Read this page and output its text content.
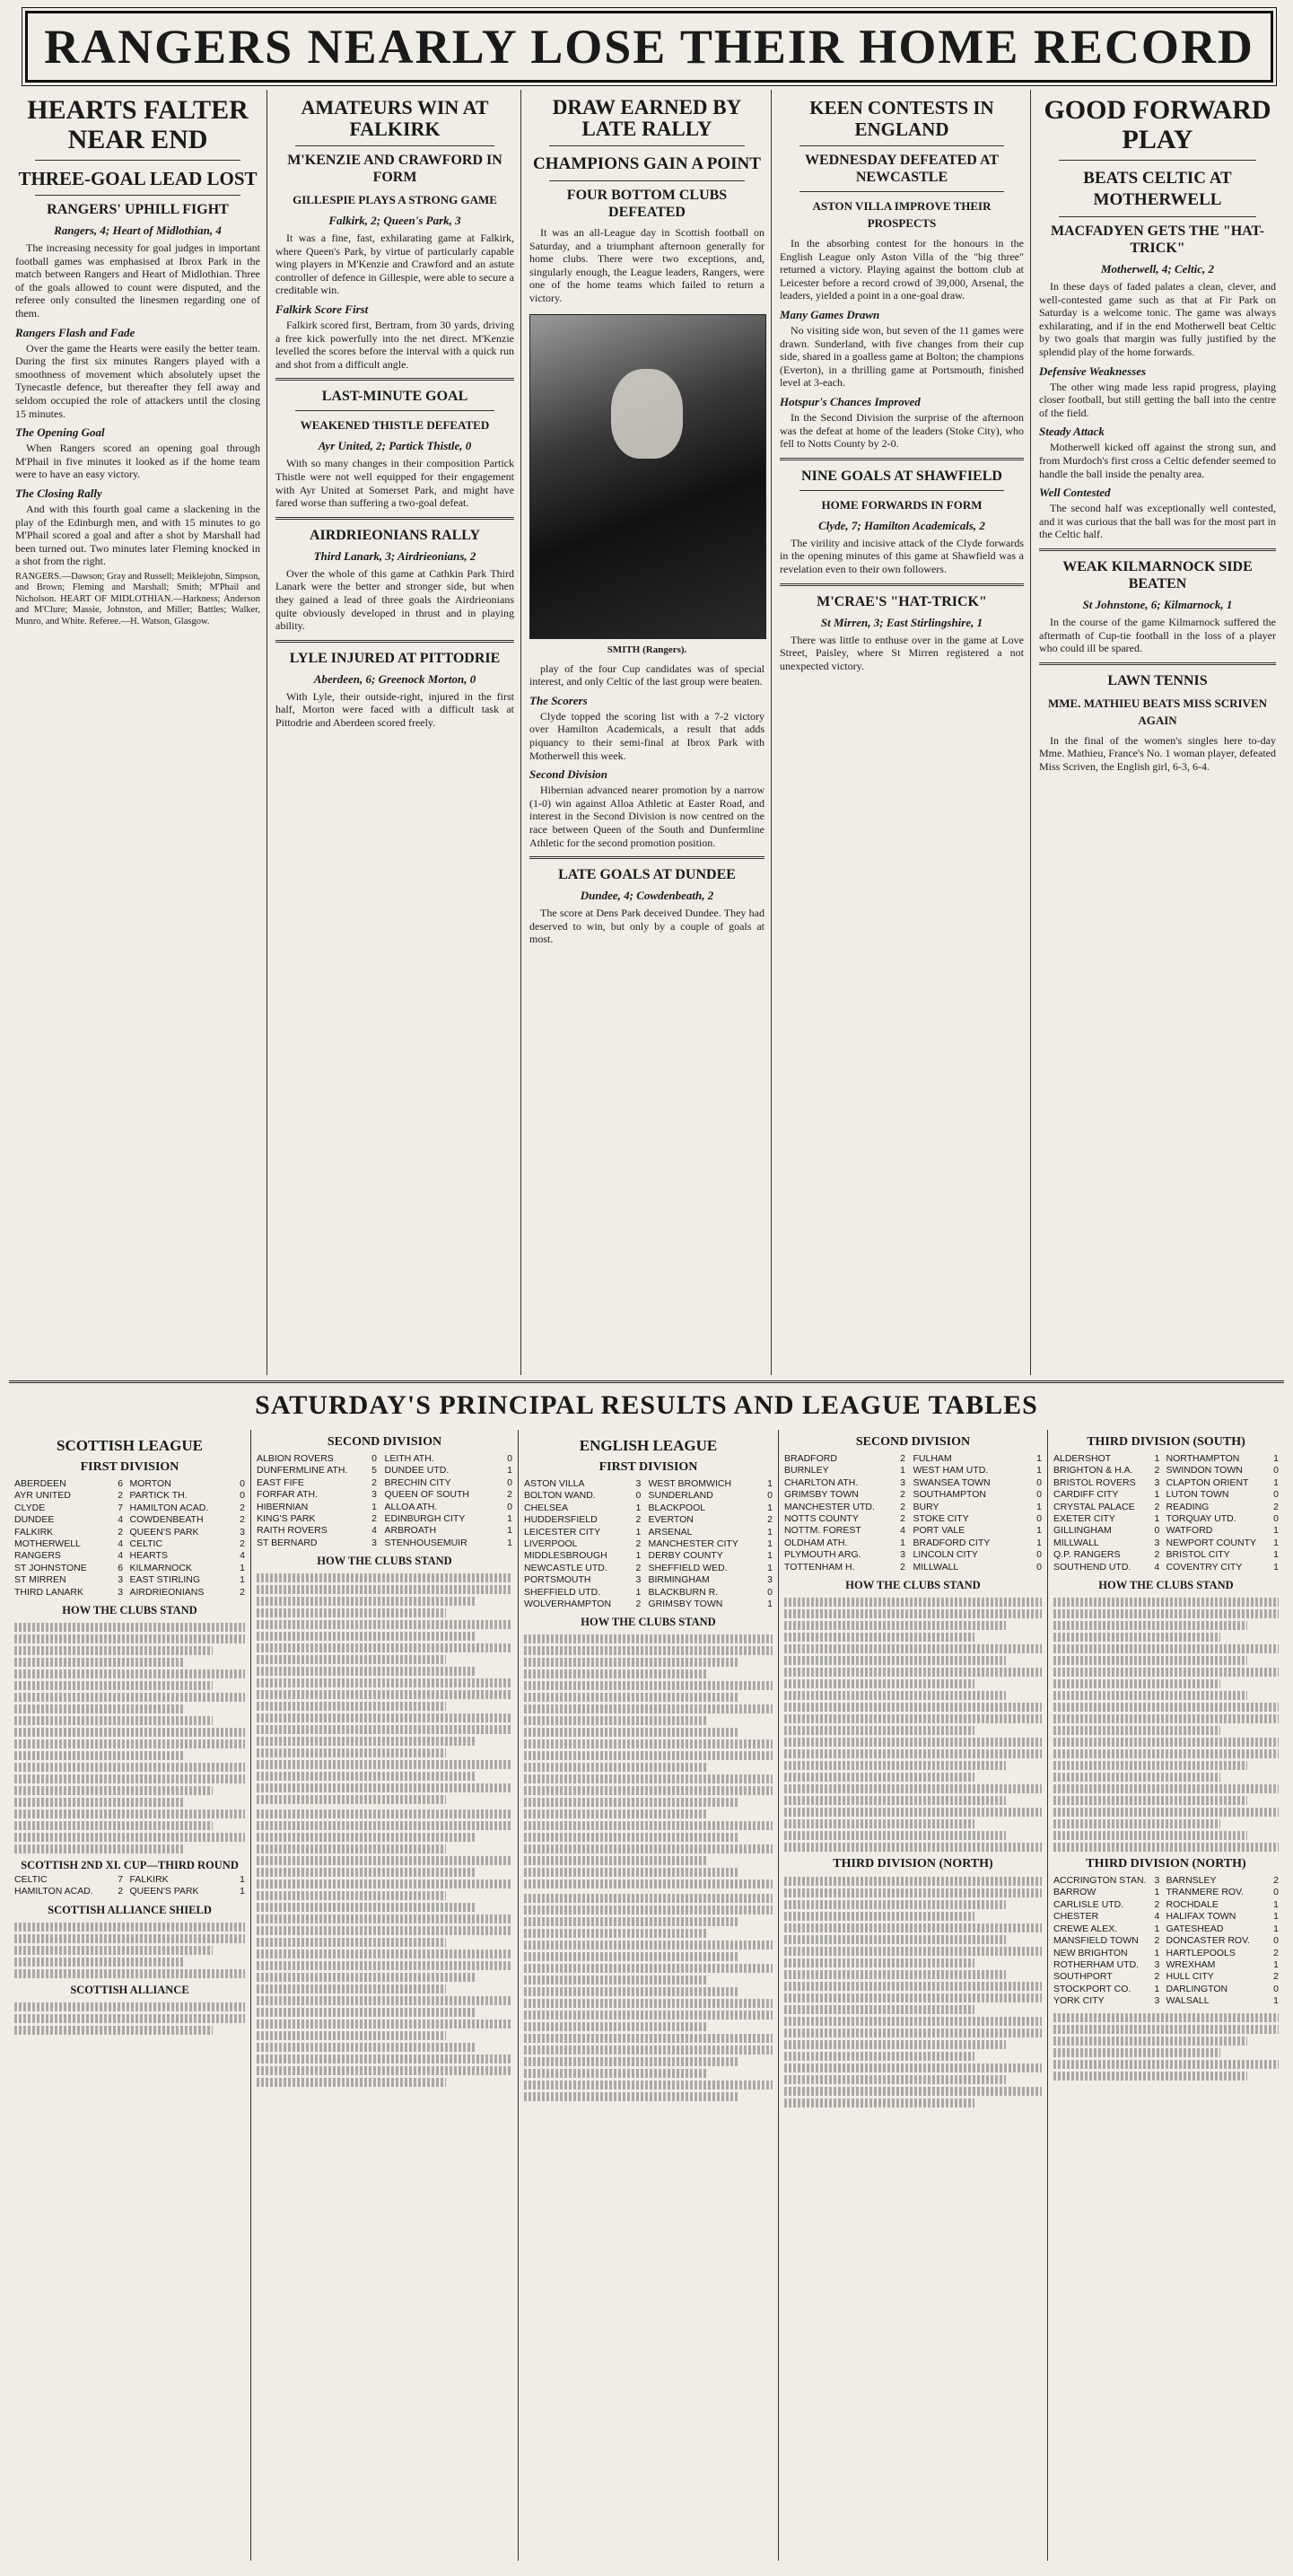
RANGERS NEARLY LOSE THEIR HOME RECORD
HEARTS FALTER NEAR END
THREE-GOAL LEAD LOST
RANGERS' UPHILL FIGHT
Rangers, 4; Heart of Midlothian, 4

The increasing necessity for goal judges in important football games was emphasised at Ibrox Park in the match between Rangers and Heart of Midlothian. Three of the goals allowed to count were disputed, and the referee only consulted the linesmen regarding one of them.

Rangers Flash and Fade

Over the game the Hearts were easily the better team. During the first six minutes Rangers played with a smoothness of movement which absolutely upset the Tynecastle defence, but thereafter they fell away and seldom occupied the role of attackers until the closing 15 minutes.

The Opening Goal

When Rangers scored an opening goal through M'Phail in five minutes it looked as if the home team were to have an easy victory.

The Closing Rally

And with this fourth goal came a slackening in the play of the Edinburgh men, and with 15 minutes to go M'Phail scored a goal and after a shot by Marshall had been turned out. Two minutes later Fleming knocked in a shot from the right.

RANGERS.—Dawson; Gray and Russell; Meiklejohn, Simpson, and Brown; Fleming and Marshall; Smith; M'Phail and Nicholson. HEART OF MIDLOTHIAN.—Harkness; Anderson and M'Clure; Massie, Johnston, and Miller; Battles; Walker, Munro, and White. Referee.—H. Watson, Glasgow.

AMATEURS WIN AT FALKIRK
M'KENZIE AND CRAWFORD IN FORM
GILLESPIE PLAYS A STRONG GAME
Falkirk, 2; Queen's Park, 3

It was a fine, fast, exhilarating game at Falkirk, where Queen's Park, by virtue of particularly capable wing players in M'Kenzie and Crawford and an astute controller of defence in Gillespie, were able to secure a creditable win.

Falkirk Score First

Falkirk scored first, Bertram, from 30 yards, driving a free kick powerfully into the net direct. M'Kenzie levelled the scores before the interval with a quick run and shot from a difficult angle.

LAST-MINUTE GOAL
WEAKENED THISTLE DEFEATED
Ayr United, 2; Partick Thistle, 0

With so many changes in their composition Partick Thistle were not well equipped for their engagement with Ayr United at Somerset Park, and might have fared worse than suffering a two-goal defeat.

AIRDRIEONIANS RALLY
Third Lanark, 3; Airdrieonians, 2

Over the whole of this game at Cathkin Park Third Lanark were the better and stronger side, but when they gained a lead of three goals the Airdrieonians quite obviously developed in thrust and in playing ability.

LYLE INJURED AT PITTODRIE
Aberdeen, 6; Greenock Morton, 0

With Lyle, their outside-right, injured in the first half, Morton were faced with a difficult task at Pittodrie and Aberdeen scored freely.

DRAW EARNED BY LATE RALLY
CHAMPIONS GAIN A POINT
FOUR BOTTOM CLUBS DEFEATED

It was an all-League day in Scottish football on Saturday, and a triumphant afternoon generally for home clubs. There were two exceptions, and, singularly enough, the League leaders, Rangers, were one of the home teams which failed to return a victory.

SMITH (Rangers).

play of the four Cup candidates was of special interest, and only Celtic of the last group were beaten.

The Scorers

Clyde topped the scoring list with a 7-2 victory over Hamilton Academicals, a result that adds piquancy to their semi-final at Ibrox Park with Motherwell this week.

Second Division

Hibernian advanced nearer promotion by a narrow (1-0) win against Alloa Athletic at Easter Road, and interest in the Second Division is now centred on the race between Queen of the South and Dunfermline Athletic for the second promotion position.

LATE GOALS AT DUNDEE
Dundee, 4; Cowdenbeath, 2

The score at Dens Park deceived Dundee. They had deserved to win, but only by a couple of goals at most.

KEEN CONTESTS IN ENGLAND
WEDNESDAY DEFEATED AT NEWCASTLE
ASTON VILLA IMPROVE THEIR PROSPECTS

In the absorbing contest for the honours in the English League only Aston Villa of the "big three" returned a victory. Playing against the bottom club at Leicester before a record crowd of 39,000, Arsenal, the leaders, yielded a point in a one-goal draw.

Many Games Drawn

No visiting side won, but seven of the 11 games were drawn. Sunderland, with five changes from their cup side, shared in a goalless game at Bolton; the champions (Everton), in a thrilling game at Portsmouth, finished level at 3-each.

Hotspur's Chances Improved

In the Second Division the surprise of the afternoon was the defeat at home of the leaders (Stoke City), who fell to Notts County by 2-0.

NINE GOALS AT SHAWFIELD
HOME FORWARDS IN FORM
Clyde, 7; Hamilton Academicals, 2

The virility and incisive attack of the Clyde forwards in the opening minutes of this game at Shawfield was a revelation even to their own followers.

M'CRAE'S "HAT-TRICK"
St Mirren, 3; East Stirlingshire, 1

There was little to enthuse over in the game at Love Street, Paisley, where St Mirren registered a not unexpected victory.

GOOD FORWARD PLAY
BEATS CELTIC AT MOTHERWELL
MACFADYEN GETS THE "HAT-TRICK"
Motherwell, 4; Celtic, 2

In these days of faded palates a clean, clever, and well-contested game such as that at Fir Park on Saturday is a welcome tonic. The game was always exhilarating, and if in the end Motherwell beat Celtic by two goals that margin was fully justified by the splendid play of the home forwards.

Defensive Weaknesses

The other wing made less rapid progress, playing closer football, but still getting the ball into the centre of the field.

Steady Attack

Motherwell kicked off against the strong sun, and from Murdoch's first cross a Celtic defender seemed to handle the ball inside the penalty area.

Well Contested

The second half was exceptionally well contested, and it was curious that the ball was for the most part in the Celtic half.

WEAK KILMARNOCK SIDE BEATEN
St Johnstone, 6; Kilmarnock, 1

In the course of the game Kilmarnock suffered the aftermath of Cup-tie football in the loss of a player who could ill be spared.

LAWN TENNIS
MME. MATHIEU BEATS MISS SCRIVEN AGAIN

In the final of the women's singles here to-day Mme. Mathieu, France's No. 1 woman player, defeated Miss Scriven, the English girl, 6-3, 6-4.

SATURDAY'S PRINCIPAL RESULTS AND LEAGUE TABLES
SCOTTISH LEAGUE
FIRST DIVISION
ABERDEEN	6 MORTON	0
AYR UNITED	2 PARTICK TH.	0
CLYDE	7 HAMILTON ACAD.	2
DUNDEE	4 COWDENBEATH	2
FALKIRK	2 QUEEN'S PARK	3
MOTHERWELL	4 CELTIC	2
RANGERS	4 HEARTS	4
ST JOHNSTONE	6 KILMARNOCK	1
ST MIRREN	3 EAST STIRLING	1
THIRD LANARK	3 AIRDRIEONIANS	2
HOW THE CLUBS STAND
SCOTTISH 2ND XI. CUP—THIRD ROUND
CELTIC	7 FALKIRK	1
HAMILTON ACAD.	2 QUEEN'S PARK	1
SCOTTISH ALLIANCE SHIELD
SCOTTISH ALLIANCE
SECOND DIVISION
ALBION ROVERS	0 LEITH ATH.	0
DUNFERMLINE ATH.	5 DUNDEE UTD.	1
EAST FIFE	2 BRECHIN CITY	0
FORFAR ATH.	3 QUEEN OF SOUTH	2
HIBERNIAN	1 ALLOA ATH.	0
KING'S PARK	2 EDINBURGH CITY	1
RAITH ROVERS	4 ARBROATH	1
ST BERNARD	3 STENHOUSEMUIR	1
HOW THE CLUBS STAND
ENGLISH LEAGUE
FIRST DIVISION
ASTON VILLA	3 WEST BROMWICH	1
BOLTON WAND.	0 SUNDERLAND	0
CHELSEA	1 BLACKPOOL	1
HUDDERSFIELD	2 EVERTON	2
LEICESTER CITY	1 ARSENAL	1
LIVERPOOL	2 MANCHESTER CITY	1
MIDDLESBROUGH	1 DERBY COUNTY	1
NEWCASTLE UTD.	2 SHEFFIELD WED.	1
PORTSMOUTH	3 BIRMINGHAM	3
SHEFFIELD UTD.	1 BLACKBURN R.	0
WOLVERHAMPTON	2 GRIMSBY TOWN	1
HOW THE CLUBS STAND
SECOND DIVISION
BRADFORD	2 FULHAM	1
BURNLEY	1 WEST HAM UTD.	1
CHARLTON ATH.	3 SWANSEA TOWN	0
GRIMSBY TOWN	2 SOUTHAMPTON	0
MANCHESTER UTD.	2 BURY	1
NOTTS COUNTY	2 STOKE CITY	0
NOTTM. FOREST	4 PORT VALE	1
OLDHAM ATH.	1 BRADFORD CITY	1
PLYMOUTH ARG.	3 LINCOLN CITY	0
TOTTENHAM H.	2 MILLWALL	0
HOW THE CLUBS STAND
THIRD DIVISION (NORTH)
THIRD DIVISION (SOUTH)
ALDERSHOT	1 NORTHAMPTON	1
BRIGHTON & H.A.	2 SWINDON TOWN	0
BRISTOL ROVERS	3 CLAPTON ORIENT	1
CARDIFF CITY	1 LUTON TOWN	0
CRYSTAL PALACE	2 READING	2
EXETER CITY	1 TORQUAY UTD.	0
GILLINGHAM	0 WATFORD	1
MILLWALL	3 NEWPORT COUNTY	1
Q.P. RANGERS	2 BRISTOL CITY	1
SOUTHEND UTD.	4 COVENTRY CITY	1
HOW THE CLUBS STAND
THIRD DIVISION (NORTH)
ACCRINGTON STAN. 3 BARNSLEY	2
BARROW	1 TRANMERE ROV.	0
CARLISLE UTD.	2 ROCHDALE	1
CHESTER	4 HALIFAX TOWN	1
CREWE ALEX.	1 GATESHEAD	1
MANSFIELD TOWN	2 DONCASTER ROV.	0
NEW BRIGHTON	1 HARTLEPOOLS	2
ROTHERHAM UTD.	3 WREXHAM	1
SOUTHPORT	2 HULL CITY	2
STOCKPORT CO.	1 DARLINGTON	0
YORK CITY	3 WALSALL	1
